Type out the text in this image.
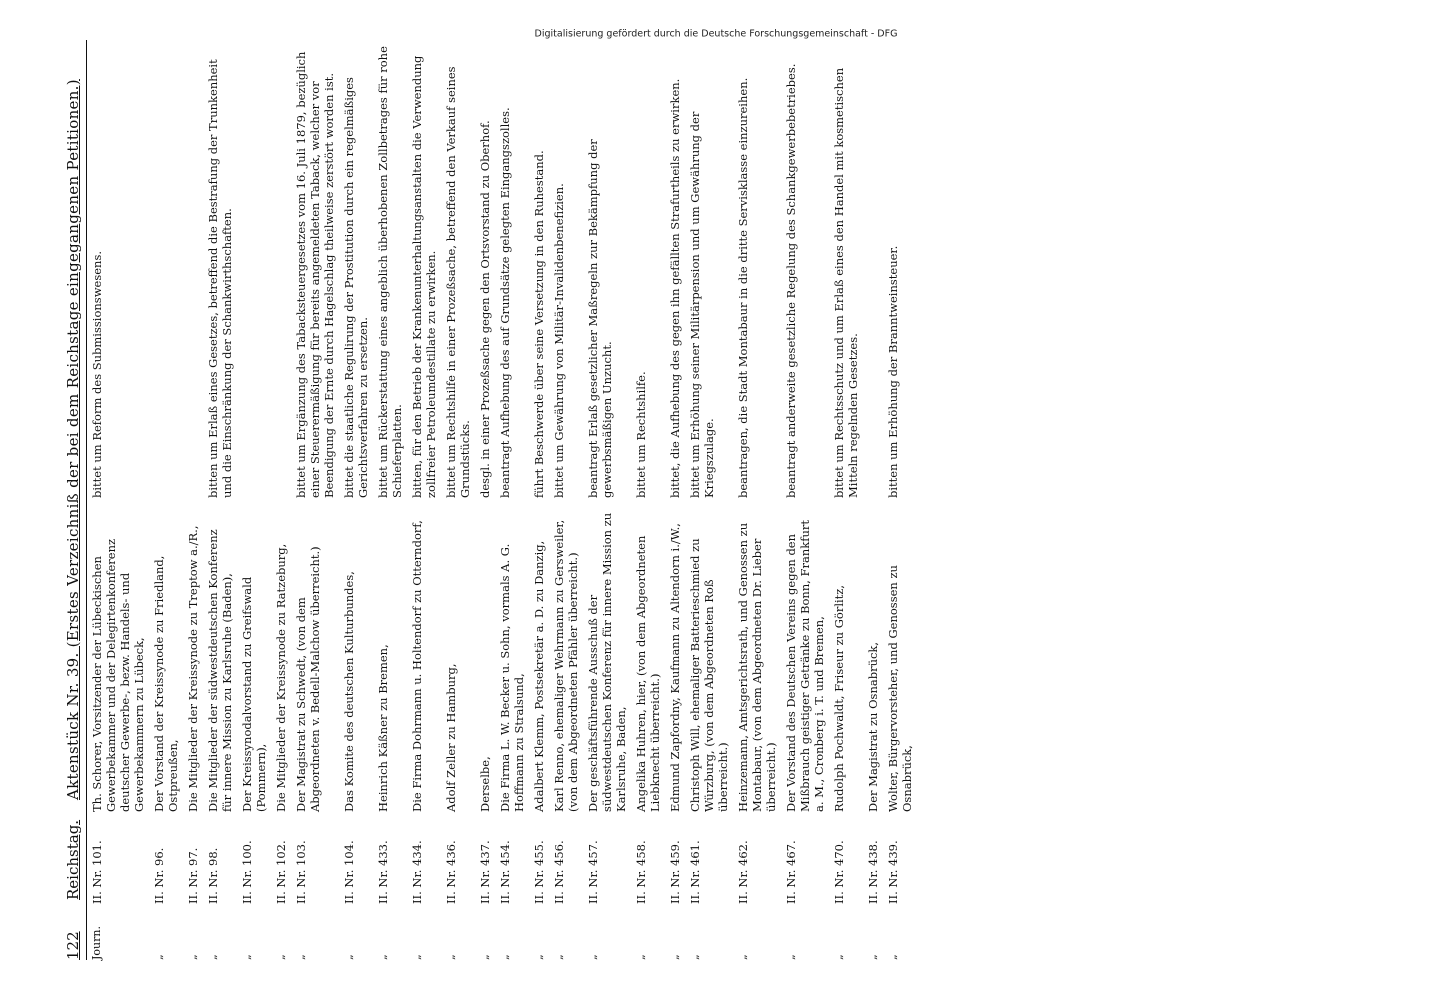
122
Reichstag.
Aktenstück Nr. 39. (Erstes Verzeichniß der bei dem Reichstage eingegangenen Petitionen.)
Journ.
II. Nr. 101.
Th. Schorer, Vorsitzender der Lübeckischen Gewerbekammer und der Delegirtenkonferenz deutscher Gewerbe-, bezw. Handels- und Gewerbekammern zu Lübeck,
bittet um Reform des Submissionswesens.
„
II. Nr. 96.
Der Vorstand der Kreissynode zu Friedland, Ostpreußen,
„
II. Nr. 97.
Die Mitglieder der Kreissynode zu Treptow a./R.,
„
II. Nr. 98.
Die Mitglieder der südwestdeutschen Konferenz für innere Mission zu Karlsruhe (Baden),
bitten um Erlaß eines Gesetzes, betreffend die Bestrafung der Trunkenheit und die Einschränkung der Schankwirthschaften.
„
II. Nr. 100.
Der Kreissynodalvorstand zu Greifswald (Pommern),
„
II. Nr. 102.
Die Mitglieder der Kreissynode zu Ratzeburg,
„
II. Nr. 103.
Der Magistrat zu Schwedt, (von dem Abgeordneten v. Bedell-Malchow überreicht.)
bittet um Ergänzung des Tabacksteuergesetzes vom 16. Juli 1879, bezüglich einer Steuerermäßigung für bereits angemeldeten Taback, welcher vor Beendigung der Ernte durch Hagelschlag theilweise zerstört worden ist.
„
II. Nr. 104.
Das Komite des deutschen Kulturbundes,
bittet die staatliche Regulirung der Prostitution durch ein regelmäßiges Gerichtsverfahren zu ersetzen.
„
II. Nr. 433.
Heinrich Käßner zu Bremen,
bittet um Rückerstattung eines angeblich überhobenen Zollbetrages für rohe Schieferplatten.
„
II. Nr. 434.
Die Firma Dohrmann u. Holtendorf zu Otterndorf,
bitten, für den Betrieb der Krankenunterhaltungsanstalten die Verwendung zollfreier Petroleumdestillate zu erwirken.
„
II. Nr. 436.
Adolf Zeller zu Hamburg,
bittet um Rechtshilfe in einer Prozeßsache, betreffend den Verkauf seines Grundstücks.
„
II. Nr. 437.
Derselbe,
desgl. in einer Prozeßsache gegen den Ortsvorstand zu Oberhof.
„
II. Nr. 454.
Die Firma L. W. Becker u. Sohn, vormals A. G. Hoffmann zu Stralsund,
beantragt Aufhebung des auf Grundsätze gelegten Eingangszolles.
„
II. Nr. 455.
Adalbert Klemm, Postsekretär a. D. zu Danzig,
führt Beschwerde über seine Versetzung in den Ruhestand.
„
II. Nr. 456.
Karl Renno, ehemaliger Wehrmann zu Gersweiler, (von dem Abgeordneten Pfähler überreicht.)
bittet um Gewährung von Militär-Invalidenbenefizien.
„
II. Nr. 457.
Der geschäftsführende Ausschuß der südwestdeutschen Konferenz für innere Mission zu Karlsruhe, Baden,
beantragt Erlaß gesetzlicher Maßregeln zur Bekämpfung der gewerbsmäßigen Unzucht.
„
II. Nr. 458.
Angelika Huhren, hier, (von dem Abgeordneten Liebknecht überreicht.)
bittet um Rechtshilfe.
„
II. Nr. 459.
Edmund Zapfordny, Kaufmann zu Altendorn i./W.,
bittet, die Aufhebung des gegen ihn gefällten Strafurtheils zu erwirken.
„
II. Nr. 461.
Christoph Will, ehemaliger Batterieschmied zu Würzburg, (von dem Abgeordneten Roß überreicht.)
bittet um Erhöhung seiner Militärpension und um Gewährung der Kriegszulage.
„
II. Nr. 462.
Heinzemann, Amtsgerichtsrath, und Genossen zu Montabaur, (von dem Abgeordneten Dr. Lieber überreicht.)
beantragen, die Stadt Montabaur in die dritte Servisklasse einzureihen.
„
II. Nr. 467.
Der Vorstand des Deutschen Vereins gegen den Mißbrauch geistiger Getränke zu Bonn, Frankfurt a. M., Cronberg i. T. und Bremen,
beantragt anderweite gesetzliche Regelung des Schankgewerbebetriebes.
„
II. Nr. 470.
Rudolph Pochwaldt, Friseur zu Görlitz,
bittet um Rechtsschutz und um Erlaß eines den Handel mit kosmetischen Mitteln regelnden Gesetzes.
„
II. Nr. 438.
Der Magistrat zu Osnabrück,
„
II. Nr. 439.
Wolter, Bürgervorsteher, und Genossen zu Osnabrück,
bitten um Erhöhung der Branntweinsteuer.
Digitalisierung gefördert durch die Deutsche Forschungsgemeinschaft - DFG
